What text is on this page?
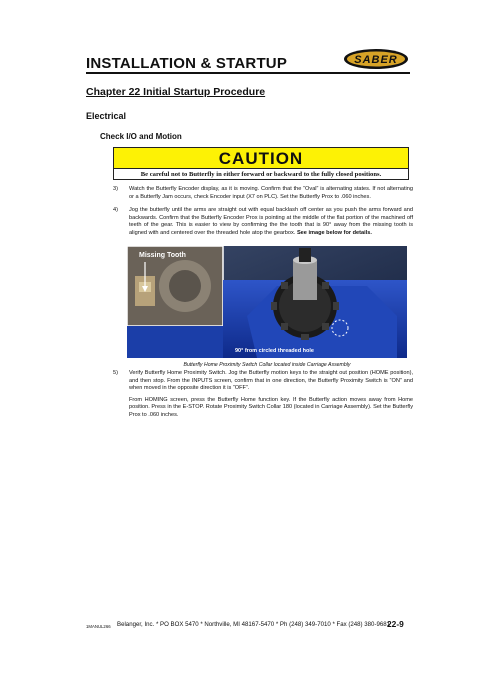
INSTALLATION & STARTUP	SABER
Chapter 22 Initial Startup Procedure
Electrical
Check I/O and Motion
CAUTION
Be careful not to Butterfly in either forward or backward to the fully closed positions.
3) Watch the Butterfly Encoder display, as it is moving. Confirm that the “Oval” is alternating states. If not alternating or a Butterfly Jam occurs, check Encoder input (X7 on PLC). Set the Butterfly Prox to .060 inches.
4) Jog the butterfly until the arms are straight out with equal backlash off center as you push the arms forward and backwards. Confirm that the Butterfly Encoder Prox is pointing at the middle of the flat portion of the machined off teeth of the gear. This is easier to view by confirming the the tooth that is 90° away from the missing tooth is aligned with and centered over the threaded hole atop the gearbox. See image below for details.
Missing Tooth
90° from circled threaded hole
Butterfly Home Proximity Switch Collar located inside Carriage Assembly
5) Verify Butterfly Home Proximity Switch. Jog the Butterfly motion keys to the straight out position (HOME position), and then stop. From the INPUTS screen, confirm that in one direction, the Butterfly Proximity Switch is “ON” and when moved in the opposite direction it is “OFF”.

From HOMING screen, press the Butterfly Home function key. If the Butterfly action moves away from Home position. Press in the E-STOP. Rotate Proximity Switch Collar 180 (located in Carriage Assembly). Set the Butterfly Prox to .060 inches.

1MANUL266 Belanger, Inc. * PO BOX 5470 * Northville, MI 48167-5470 * Ph (248) 349-7010 * Fax (248) 380-9681
22-9
